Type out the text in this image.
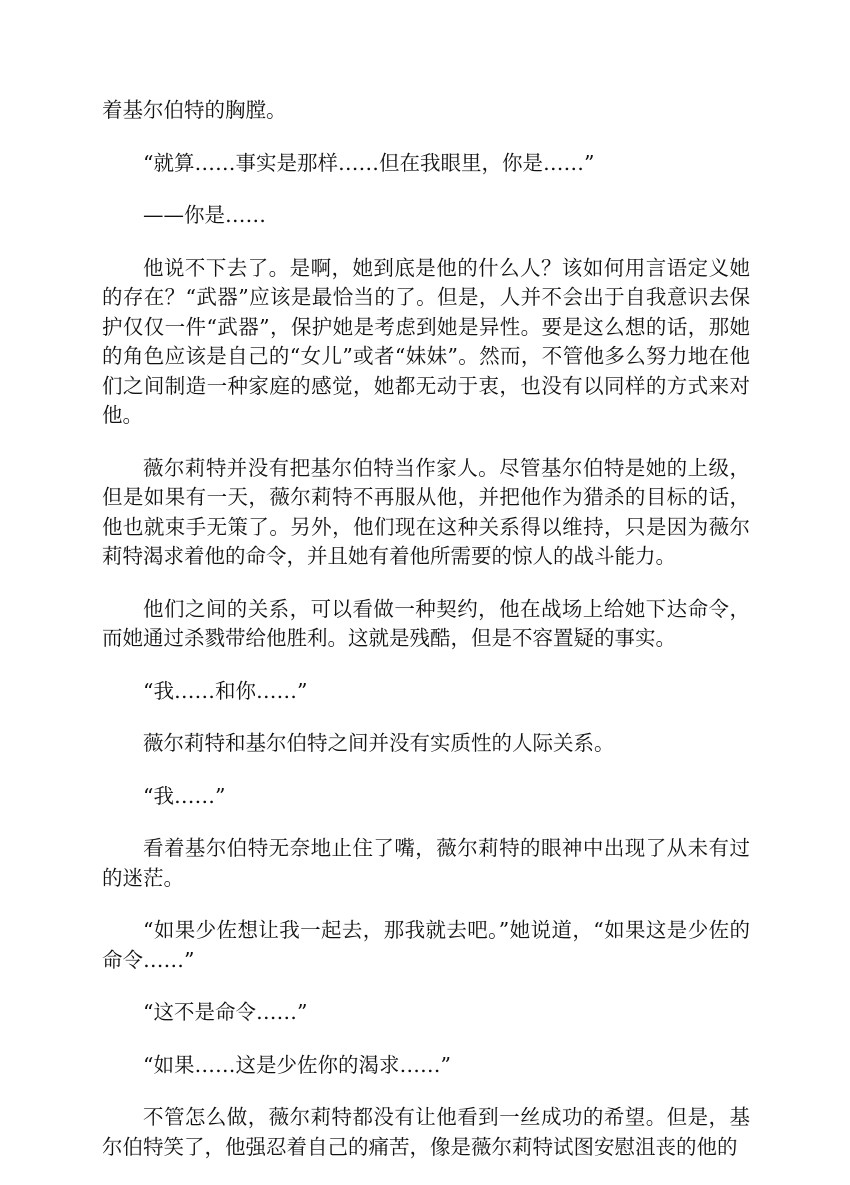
着基尔伯特的胸膛。

“就算……事实是那样……但在我眼里，你是……”

——你是……

他说不下去了。是啊，她到底是他的什么人？该如何用言语定义她的存在？“武器”应该是最恰当的了。但是，人并不会出于自我意识去保护仅仅一件“武器”，保护她是考虑到她是异性。要是这么想的话，那她的角色应该是自己的“女儿”或者“妹妹”。然而，不管他多么努力地在他们之间制造一种家庭的感觉，她都无动于衷，也没有以同样的方式来对他。

薇尔莉特并没有把基尔伯特当作家人。尽管基尔伯特是她的上级，但是如果有一天，薇尔莉特不再服从他，并把他作为猎杀的目标的话，他也就束手无策了。另外，他们现在这种关系得以维持，只是因为薇尔莉特渴求着他的命令，并且她有着他所需要的惊人的战斗能力。

他们之间的关系，可以看做一种契约，他在战场上给她下达命令，而她通过杀戮带给他胜利。这就是残酷，但是不容置疑的事实。

“我……和你……”

薇尔莉特和基尔伯特之间并没有实质性的人际关系。

“我……”

看着基尔伯特无奈地止住了嘴，薇尔莉特的眼神中出现了从未有过的迷茫。

“如果少佐想让我一起去，那我就去吧。”她说道，“如果这是少佐的命令……”

“这不是命令……”

“如果……这是少佐你的渴求……”

不管怎么做，薇尔莉特都没有让他看到一丝成功的希望。但是，基尔伯特笑了，他强忍着自己的痛苦，像是薇尔莉特试图安慰沮丧的他的
